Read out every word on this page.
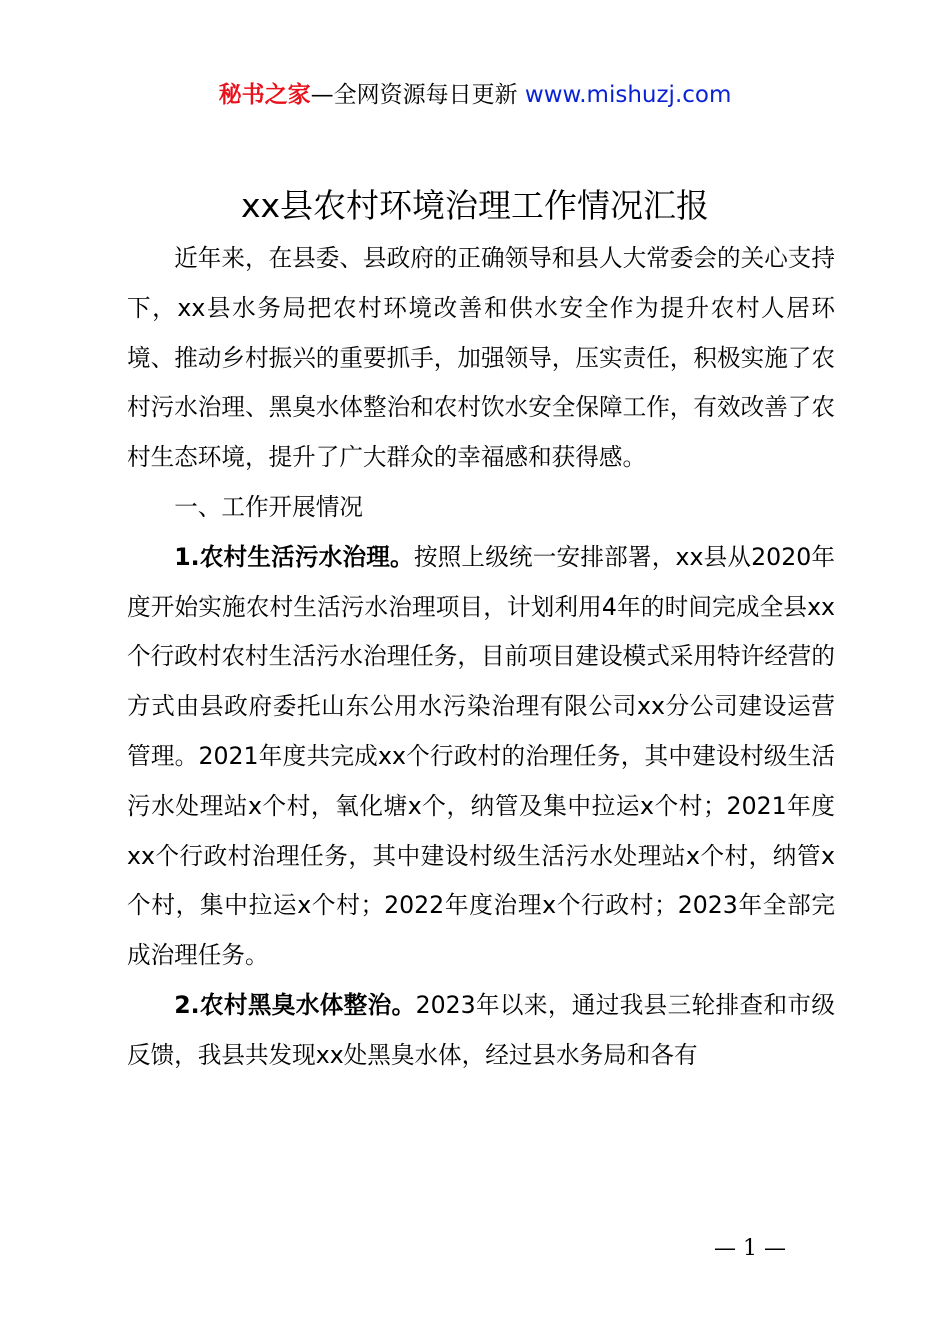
秘书之家—全网资源每日更新 www.mishuzj.com
xx县农村环境治理工作情况汇报

近年来，在县委、县政府的正确领导和县人大常委会的关心支持下，xx县水务局把农村环境改善和供水安全作为提升农村人居环境、推动乡村振兴的重要抓手，加强领导，压实责任，积极实施了农村污水治理、黑臭水体整治和农村饮水安全保障工作，有效改善了农村生态环境，提升了广大群众的幸福感和获得感。

一、工作开展情况

1.农村生活污水治理。按照上级统一安排部署，xx县从2020年度开始实施农村生活污水治理项目，计划利用4年的时间完成全县xx个行政村农村生活污水治理任务，目前项目建设模式采用特许经营的方式由县政府委托山东公用水污染治理有限公司xx分公司建设运营管理。2021年度共完成xx个行政村的治理任务，其中建设村级生活污水处理站x个村，氧化塘x个，纳管及集中拉运x个村；2021年度xx个行政村治理任务，其中建设村级生活污水处理站x个村，纳管x个村，集中拉运x个村；2022年度治理x个行政村；2023年全部完成治理任务。

2.农村黑臭水体整治。2023年以来，通过我县三轮排查和市级反馈，我县共发现xx处黑臭水体，经过县水务局和各有

— 1 —
